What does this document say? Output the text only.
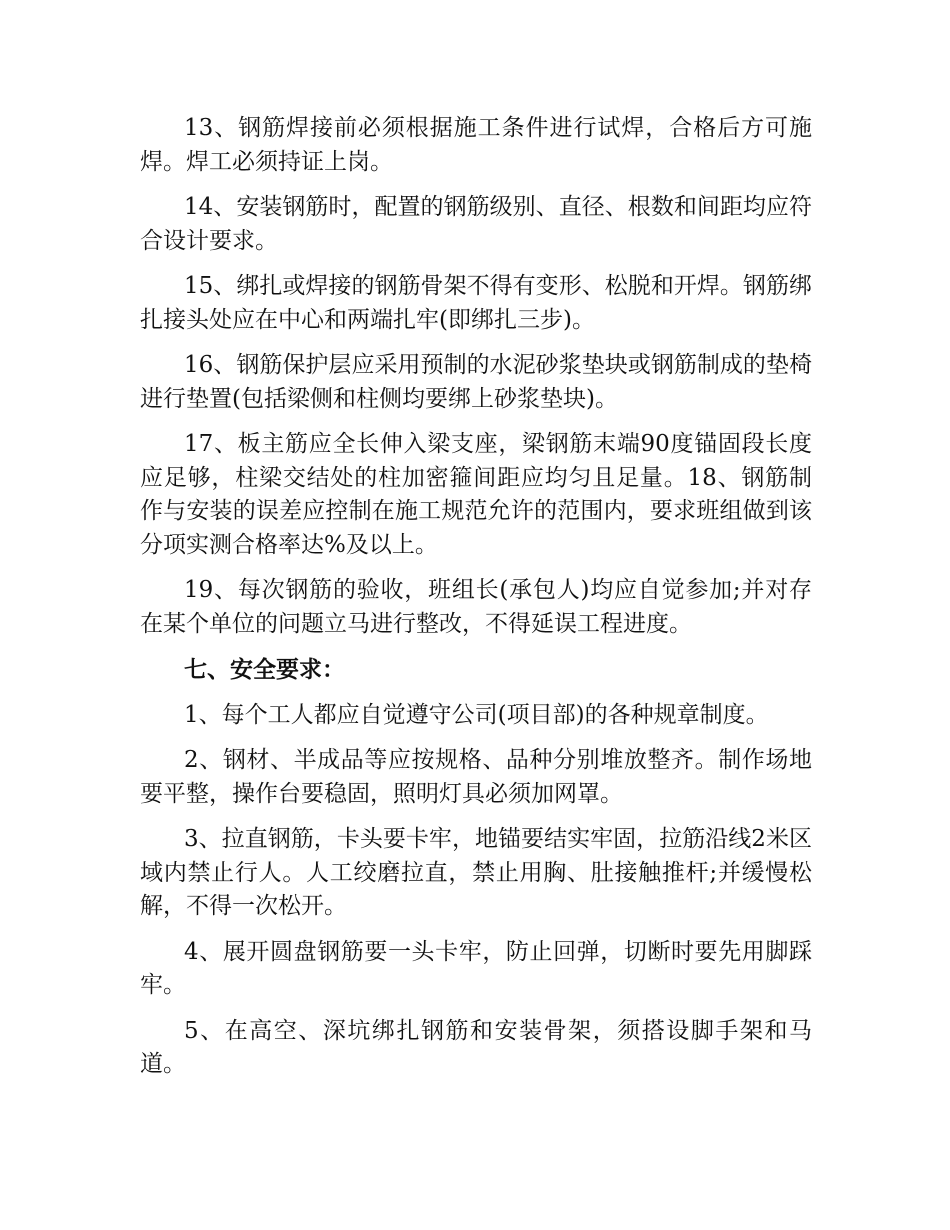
13、钢筋焊接前必须根据施工条件进行试焊，合格后方可施焊。焊工必须持证上岗。

14、安装钢筋时，配置的钢筋级别、直径、根数和间距均应符合设计要求。

15、绑扎或焊接的钢筋骨架不得有变形、松脱和开焊。钢筋绑扎接头处应在中心和两端扎牢(即绑扎三步)。

16、钢筋保护层应采用预制的水泥砂浆垫块或钢筋制成的垫椅进行垫置(包括梁侧和柱侧均要绑上砂浆垫块)。

17、板主筋应全长伸入梁支座，梁钢筋末端90度锚固段长度应足够，柱梁交结处的柱加密箍间距应均匀且足量。18、钢筋制作与安装的误差应控制在施工规范允许的范围内，要求班组做到该分项实测合格率达%及以上。

19、每次钢筋的验收，班组长(承包人)均应自觉参加;并对存在某个单位的问题立马进行整改，不得延误工程进度。

七、安全要求：

1、每个工人都应自觉遵守公司(项目部)的各种规章制度。

2、钢材、半成品等应按规格、品种分别堆放整齐。制作场地要平整，操作台要稳固，照明灯具必须加网罩。

3、拉直钢筋，卡头要卡牢，地锚要结实牢固，拉筋沿线2米区域内禁止行人。人工绞磨拉直，禁止用胸、肚接触推杆;并缓慢松解，不得一次松开。

4、展开圆盘钢筋要一头卡牢，防止回弹，切断时要先用脚踩牢。

5、在高空、深坑绑扎钢筋和安装骨架，须搭设脚手架和马道。
